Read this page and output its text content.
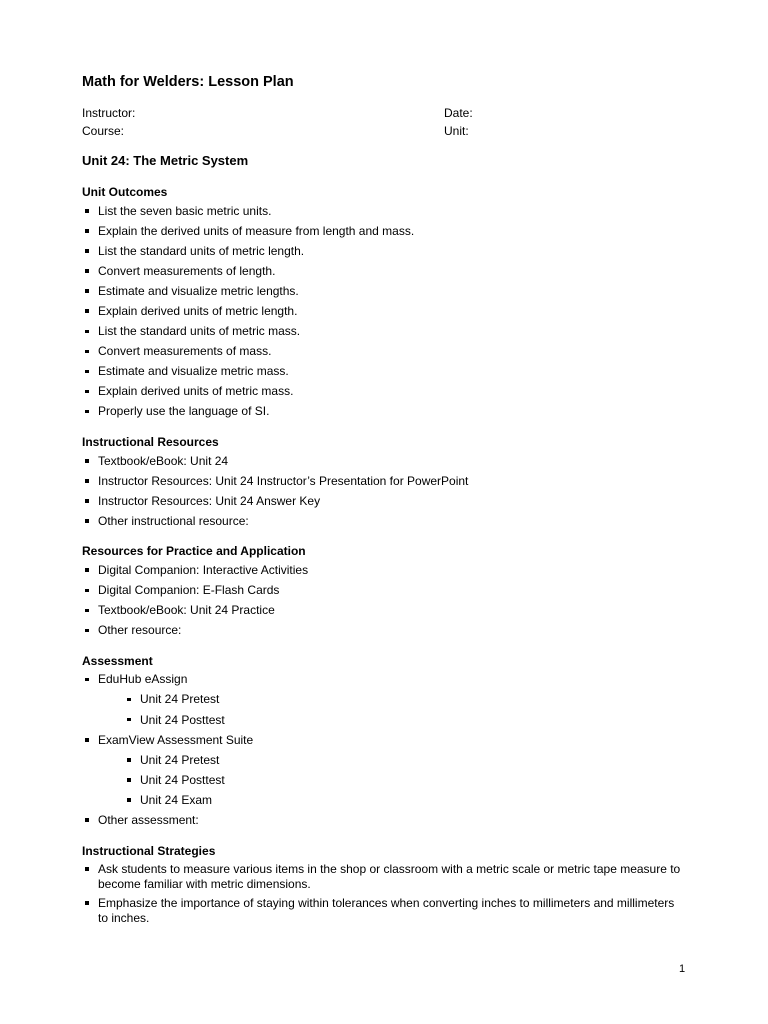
Math for Welders: Lesson Plan
Instructor:
Course:
Date:
Unit:
Unit 24: The Metric System
Unit Outcomes
List the seven basic metric units.
Explain the derived units of measure from length and mass.
List the standard units of metric length.
Convert measurements of length.
Estimate and visualize metric lengths.
Explain derived units of metric length.
List the standard units of metric mass.
Convert measurements of mass.
Estimate and visualize metric mass.
Explain derived units of metric mass.
Properly use the language of SI.
Instructional Resources
Textbook/eBook: Unit 24
Instructor Resources: Unit 24 Instructor’s Presentation for PowerPoint
Instructor Resources: Unit 24 Answer Key
Other instructional resource:
Resources for Practice and Application
Digital Companion: Interactive Activities
Digital Companion: E-Flash Cards
Textbook/eBook: Unit 24 Practice
Other resource:
Assessment
EduHub eAssign
Unit 24 Pretest
Unit 24 Posttest
ExamView Assessment Suite
Unit 24 Pretest
Unit 24 Posttest
Unit 24 Exam
Other assessment:
Instructional Strategies
Ask students to measure various items in the shop or classroom with a metric scale or metric tape measure to become familiar with metric dimensions.
Emphasize the importance of staying within tolerances when converting inches to millimeters and millimeters to inches.
1
